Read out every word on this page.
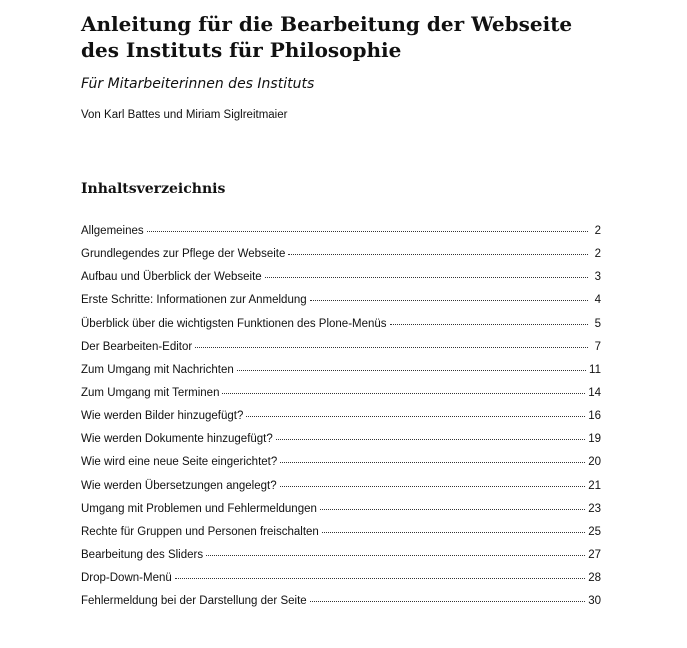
Anleitung für die Bearbeitung der Webseite des Instituts für Philosophie
Für Mitarbeiterinnen des Instituts
Von Karl Battes und Miriam Siglreitmaier
Inhaltsverzeichnis
Allgemeines	2
Grundlegendes zur Pflege der Webseite	2
Aufbau und Überblick der Webseite	3
Erste Schritte: Informationen zur Anmeldung	4
Überblick über die wichtigsten Funktionen des Plone-Menüs	5
Der Bearbeiten-Editor	7
Zum Umgang mit Nachrichten	11
Zum Umgang mit Terminen	14
Wie werden Bilder hinzugefügt?	16
Wie werden Dokumente hinzugefügt?	19
Wie wird eine neue Seite eingerichtet?	20
Wie werden Übersetzungen angelegt?	21
Umgang mit Problemen und Fehlermeldungen	23
Rechte für Gruppen und Personen freischalten	25
Bearbeitung des Sliders	27
Drop-Down-Menü	28
Fehlermeldung bei der Darstellung der Seite	30
